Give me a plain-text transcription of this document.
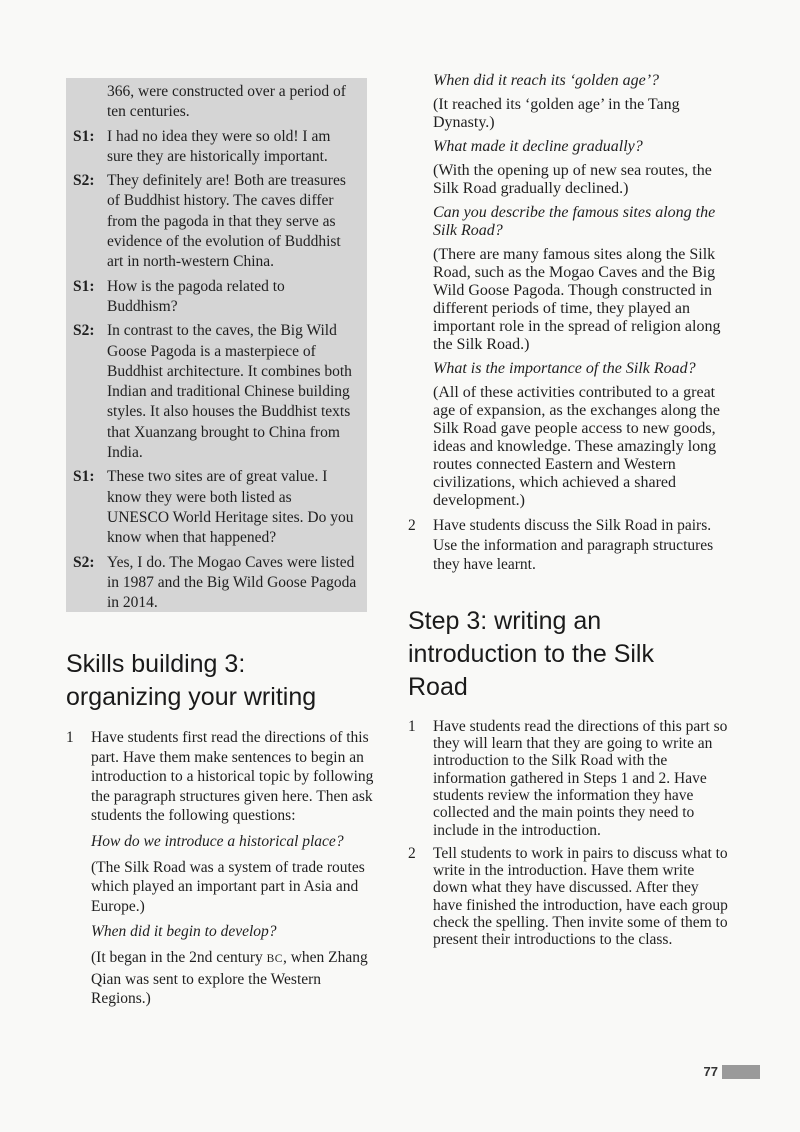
366, were constructed over a period of ten centuries.
S1: I had no idea they were so old! I am sure they are historically important.
S2: They definitely are! Both are treasures of Buddhist history. The caves differ from the pagoda in that they serve as evidence of the evolution of Buddhist art in north-western China.
S1: How is the pagoda related to Buddhism?
S2: In contrast to the caves, the Big Wild Goose Pagoda is a masterpiece of Buddhist architecture. It combines both Indian and traditional Chinese building styles. It also houses the Buddhist texts that Xuanzang brought to China from India.
S1: These two sites are of great value. I know they were both listed as UNESCO World Heritage sites. Do you know when that happened?
S2: Yes, I do. The Mogao Caves were listed in 1987 and the Big Wild Goose Pagoda in 2014.
Skills building 3:
organizing your writing
1	Have students first read the directions of this part. Have them make sentences to begin an introduction to a historical topic by following the paragraph structures given here. Then ask students the following questions:
How do we introduce a historical place?
(The Silk Road was a system of trade routes which played an important part in Asia and Europe.)
When did it begin to develop?
(It began in the 2nd century BC, when Zhang Qian was sent to explore the Western Regions.)
When did it reach its ‘golden age’?
(It reached its ‘golden age’ in the Tang Dynasty.)
What made it decline gradually?
(With the opening up of new sea routes, the Silk Road gradually declined.)
Can you describe the famous sites along the Silk Road?
(There are many famous sites along the Silk Road, such as the Mogao Caves and the Big Wild Goose Pagoda. Though constructed in different periods of time, they played an important role in the spread of religion along the Silk Road.)
What is the importance of the Silk Road?
(All of these activities contributed to a great age of expansion, as the exchanges along the Silk Road gave people access to new goods, ideas and knowledge. These amazingly long routes connected Eastern and Western civilizations, which achieved a shared development.)
2	Have students discuss the Silk Road in pairs. Use the information and paragraph structures they have learnt.
Step 3: writing an
introduction to the Silk
Road
1	Have students read the directions of this part so they will learn that they are going to write an introduction to the Silk Road with the information gathered in Steps 1 and 2. Have students review the information they have collected and the main points they need to include in the introduction.
2	Tell students to work in pairs to discuss what to write in the introduction. Have them write down what they have discussed. After they have finished the introduction, have each group check the spelling. Then invite some of them to present their introductions to the class.
77
